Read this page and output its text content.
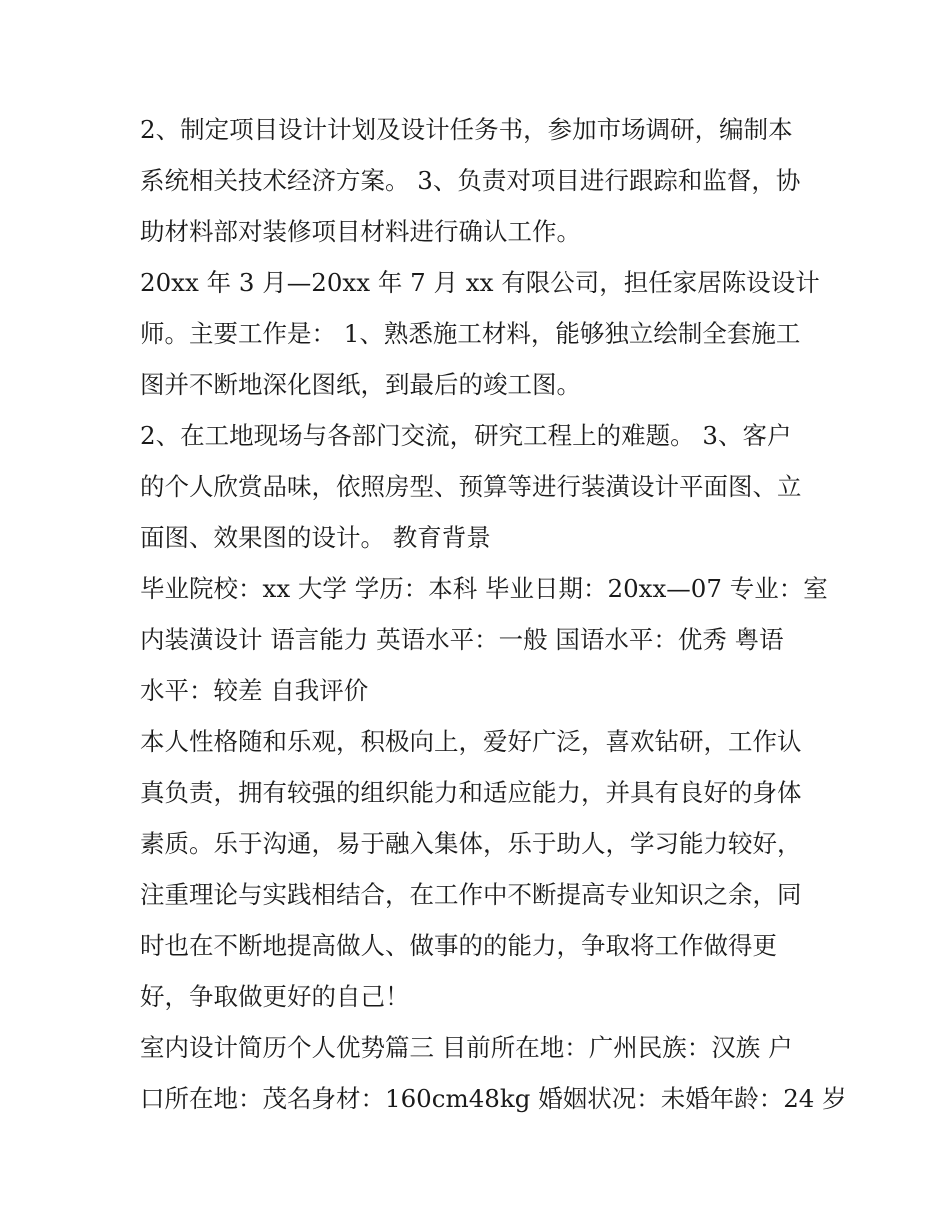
2、制定项目设计计划及设计任务书，参加市场调研，编制本
系统相关技术经济方案。 3、负责对项目进行跟踪和监督，协
助材料部对装修项目材料进行确认工作。
20xx 年 3 月—20xx 年 7 月 xx 有限公司，担任家居陈设设计
师。主要工作是： 1、熟悉施工材料，能够独立绘制全套施工
图并不断地深化图纸，到最后的竣工图。
2、在工地现场与各部门交流，研究工程上的难题。 3、客户
的个人欣赏品味，依照房型、预算等进行装潢设计平面图、立
面图、效果图的设计。 教育背景
毕业院校：xx 大学 学历：本科 毕业日期：20xx—07 专业：室
内装潢设计 语言能力 英语水平：一般 国语水平：优秀 粤语
水平：较差 自我评价
本人性格随和乐观，积极向上，爱好广泛，喜欢钻研，工作认
真负责，拥有较强的组织能力和适应能力，并具有良好的身体
素质。乐于沟通，易于融入集体，乐于助人，学习能力较好，
注重理论与实践相结合，在工作中不断提高专业知识之余，同
时也在不断地提高做人、做事的的能力，争取将工作做得更
好，争取做更好的自己！
室内设计简历个人优势篇三 目前所在地：广州民族：汉族 户
口所在地：茂名身材：160cm48kg 婚姻状况：未婚年龄：24 岁
